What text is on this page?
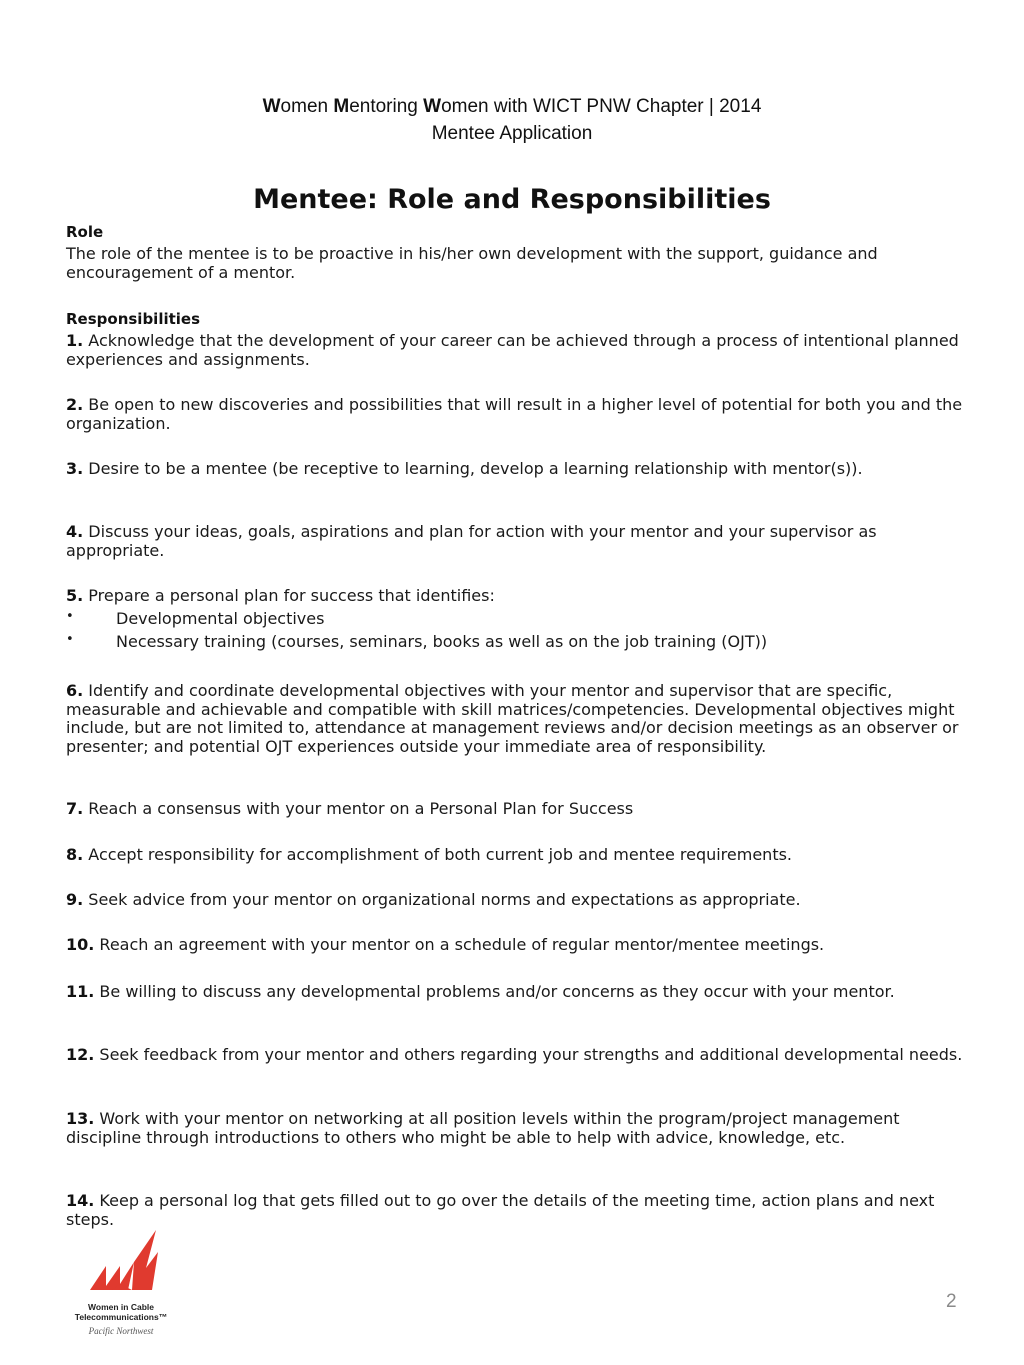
Women Mentoring Women with WICT PNW Chapter | 2014
Mentee Application
Mentee: Role and Responsibilities
Role
The role of the mentee is to be proactive in his/her own development with the support, guidance and encouragement of a mentor.
Responsibilities
1. Acknowledge that the development of your career can be achieved through a process of intentional planned experiences and assignments.
2. Be open to new discoveries and possibilities that will result in a higher level of potential for both you and the organization.
3. Desire to be a mentee (be receptive to learning, develop a learning relationship with mentor(s)).
4. Discuss your ideas, goals, aspirations and plan for action with your mentor and your supervisor as appropriate.
5. Prepare a personal plan for success that identifies:
•	Developmental objectives
•	Necessary training (courses, seminars, books as well as on the job training (OJT))
6. Identify and coordinate developmental objectives with your mentor and supervisor that are specific, measurable and achievable and compatible with skill matrices/competencies. Developmental objectives might include, but are not limited to, attendance at management reviews and/or decision meetings as an observer or presenter; and potential OJT experiences outside your immediate area of responsibility.
7. Reach a consensus with your mentor on a Personal Plan for Success
8. Accept responsibility for accomplishment of both current job and mentee requirements.
9. Seek advice from your mentor on organizational norms and expectations as appropriate.
10. Reach an agreement with your mentor on a schedule of regular mentor/mentee meetings.
11. Be willing to discuss any developmental problems and/or concerns as they occur with your mentor.
12. Seek feedback from your mentor and others regarding your strengths and additional developmental needs.
13. Work with your mentor on networking at all position levels within the program/project management discipline through introductions to others who might be able to help with advice, knowledge, etc.
14. Keep a personal log that gets filled out to go over the details of the meeting time, action plans and next steps.
Women in Cable
Telecommunications™
Pacific Northwest
2
